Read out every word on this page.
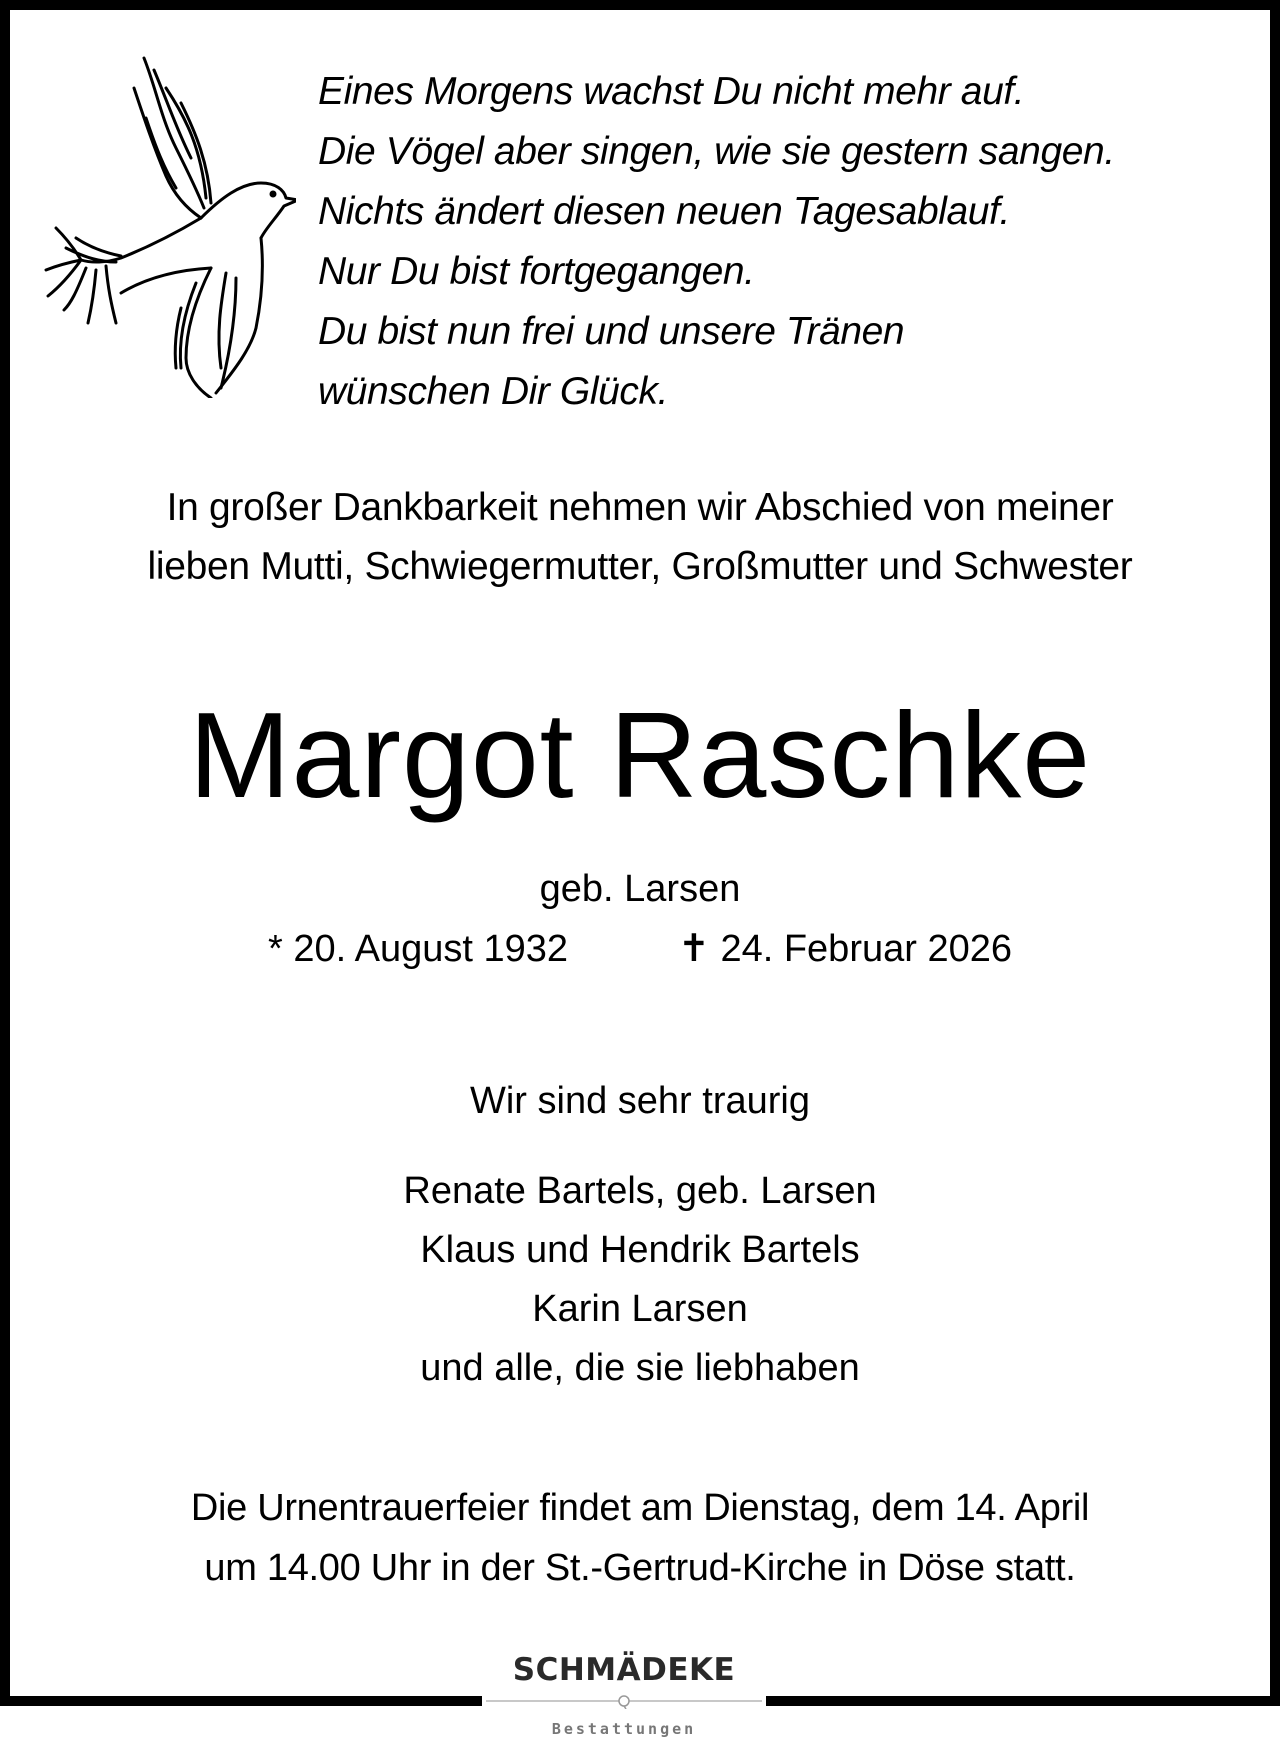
Eines Morgens wachst Du nicht mehr auf.
Die Vögel aber singen, wie sie gestern sangen.
Nichts ändert diesen neuen Tagesablauf.
Nur Du bist fortgegangen.
Du bist nun frei und unsere Tränen
wünschen Dir Glück.
In großer Dankbarkeit nehmen wir Abschied von meiner
lieben Mutti, Schwiegermutter, Großmutter und Schwester
Margot Raschke
geb. Larsen
* 20. August 1932	✝ 24. Februar 2026
Wir sind sehr traurig
Renate Bartels, geb. Larsen
Klaus und Hendrik Bartels
Karin Larsen
und alle, die sie liebhaben
Die Urnentrauerfeier findet am Dienstag, dem 14. April
um 14.00 Uhr in der St.-Gertrud-Kirche in Döse statt.
SCHMÄDEKE
Bestattungen
